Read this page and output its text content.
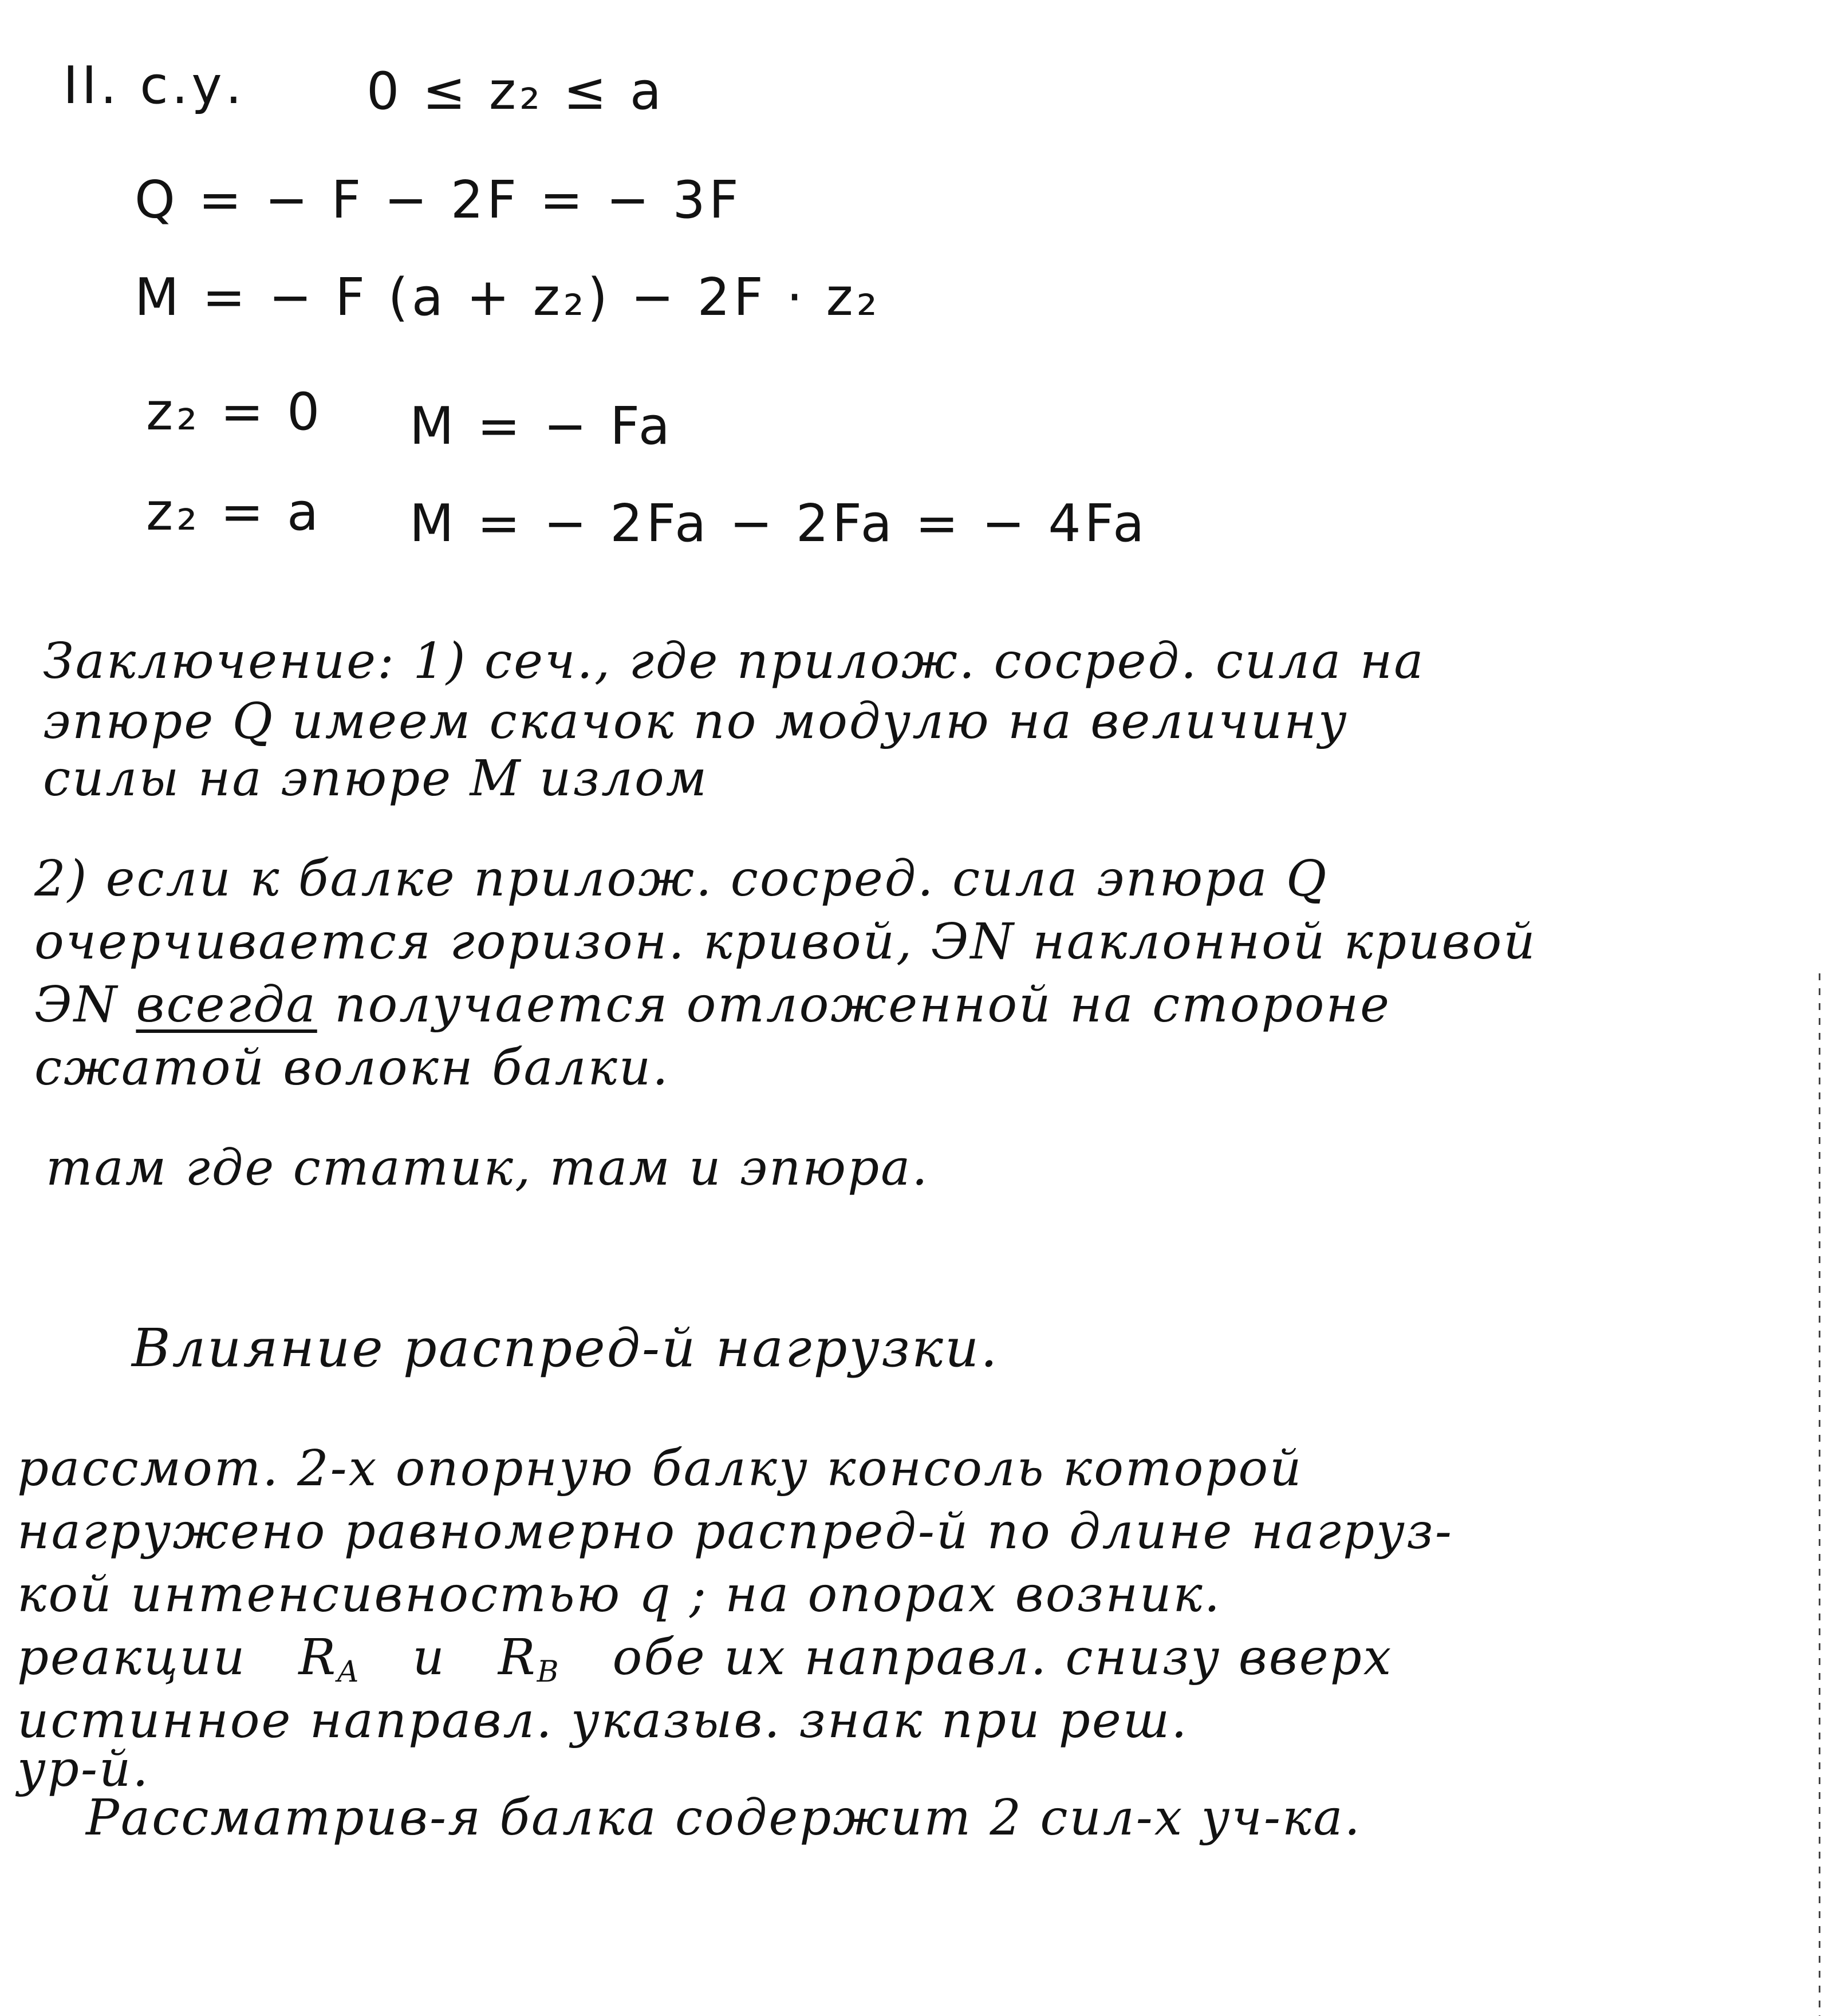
II. с.у. 0 ≤ z₂ ≤ a
Q = − F − 2F = − 3F
M = − F (a + z₂) − 2F · z₂
z₂ = 0 M = − Fa
z₂ = a M = − 2Fa − 2Fa = − 4Fa
Заключение: 1) сеч., где прилож. сосред. сила на
эпюре Q имеем скачок по модулю на величину
силы на эпюре M излом
2) если к балке прилож. сосред. сила эпюра Q
очерчивается горизон. кривой, ЭN наклонной кривой
ЭN всегда получается отложенной на стороне
сжатой волокн балки.
там где статик, там и эпюра.
Влияние распред-й нагрузки.
рассмот. 2-х опорную балку консоль которой
нагружено равномерно распред-й по длине нагруз-
кой интенсивностью q ; на опорах возник.
реакции $R_A$ и $R_B$ обе их направл. снизу вверх
истинное направл. указыв. знак при реш.
ур-й.
Рассматрив-я балка содержит 2 сил-х уч-ка.
